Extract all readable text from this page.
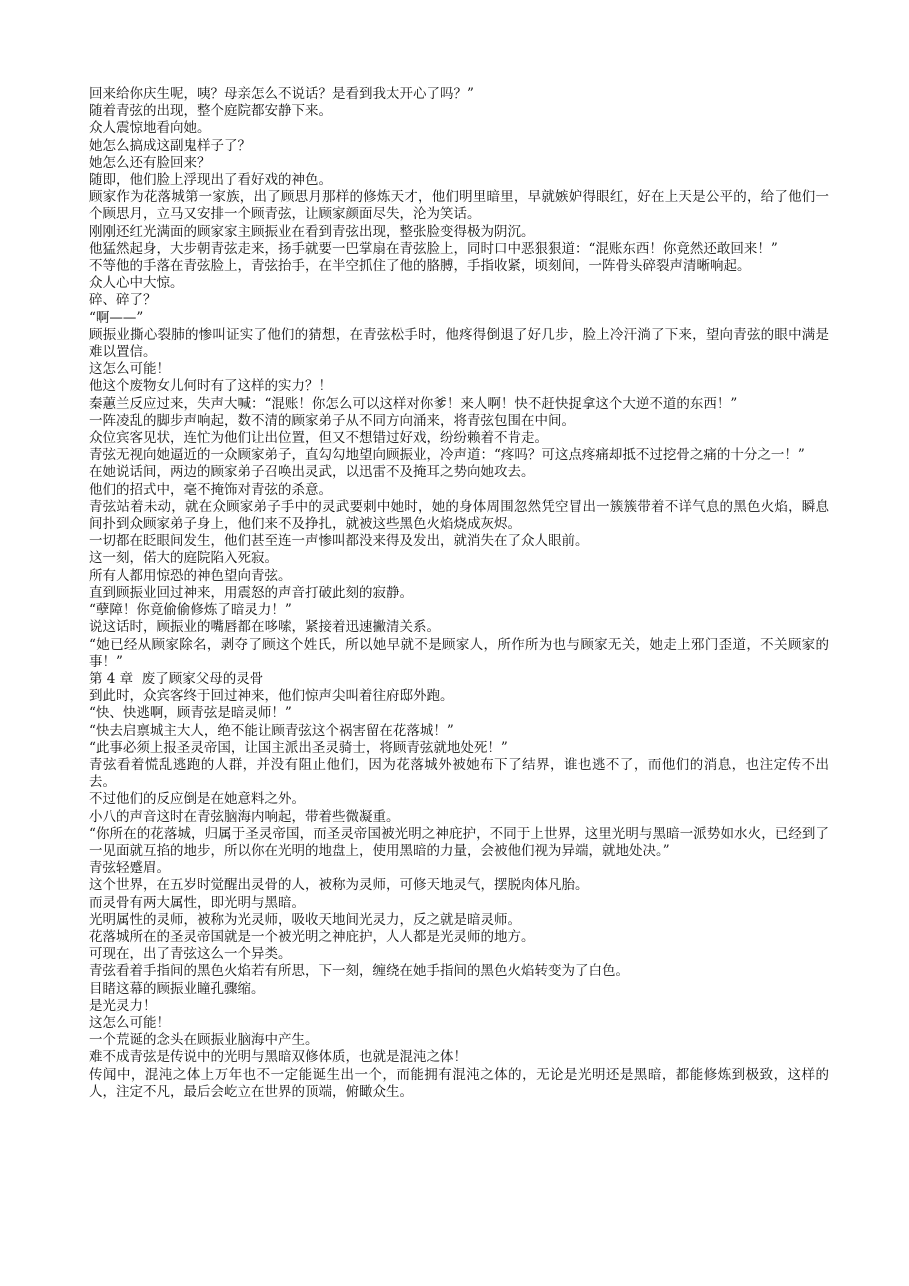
回来给你庆生呢，咦？母亲怎么不说话？是看到我太开心了吗？”

随着青弦的出现，整个庭院都安静下来。

众人震惊地看向她。

她怎么搞成这副鬼样子了？

她怎么还有脸回来？

随即，他们脸上浮现出了看好戏的神色。

顾家作为花落城第一家族，出了顾思月那样的修炼天才，他们明里暗里，早就嫉妒得眼红，好在上天是公平的，给了他们一个顾思月，立马又安排一个顾青弦，让顾家颜面尽失，沦为笑话。

刚刚还红光满面的顾家家主顾振业在看到青弦出现，整张脸变得极为阴沉。

他猛然起身，大步朝青弦走来，扬手就要一巴掌扇在青弦脸上，同时口中恶狠狠道：“混账东西！你竟然还敢回来！”

不等他的手落在青弦脸上，青弦抬手，在半空抓住了他的胳膊，手指收紧，顷刻间，一阵骨头碎裂声清晰响起。

众人心中大惊。

碎、碎了？

“啊——”

顾振业撕心裂肺的惨叫证实了他们的猜想，在青弦松手时，他疼得倒退了好几步，脸上冷汗淌了下来，望向青弦的眼中满是难以置信。

这怎么可能！

他这个废物女儿何时有了这样的实力？！

秦蕙兰反应过来，失声大喊：“混账！你怎么可以这样对你爹！来人啊！快不赶快捉拿这个大逆不道的东西！”

一阵凌乱的脚步声响起，数不清的顾家弟子从不同方向涌来，将青弦包围在中间。

众位宾客见状，连忙为他们让出位置，但又不想错过好戏，纷纷赖着不肯走。

青弦无视向她逼近的一众顾家弟子，直勾勾地望向顾振业，冷声道：“疼吗？可这点疼痛却抵不过挖骨之痛的十分之一！”

在她说话间，两边的顾家弟子召唤出灵武，以迅雷不及掩耳之势向她攻去。

他们的招式中，毫不掩饰对青弦的杀意。

青弦站着未动，就在众顾家弟子手中的灵武要刺中她时，她的身体周围忽然凭空冒出一簇簇带着不详气息的黑色火焰，瞬息间扑到众顾家弟子身上，他们来不及挣扎，就被这些黑色火焰烧成灰烬。

一切都在眨眼间发生，他们甚至连一声惨叫都没来得及发出，就消失在了众人眼前。

这一刻，偌大的庭院陷入死寂。

所有人都用惊恐的神色望向青弦。

直到顾振业回过神来，用震怒的声音打破此刻的寂静。

“孽障！你竟偷偷修炼了暗灵力！”

说这话时，顾振业的嘴唇都在哆嗦，紧接着迅速撇清关系。

“她已经从顾家除名，剥夺了顾这个姓氏，所以她早就不是顾家人，所作所为也与顾家无关，她走上邪门歪道，不关顾家的事！”

第 4 章  废了顾家父母的灵骨

到此时，众宾客终于回过神来，他们惊声尖叫着往府邸外跑。

“快、快逃啊，顾青弦是暗灵师！”

“快去启禀城主大人，绝不能让顾青弦这个祸害留在花落城！”

“此事必须上报圣灵帝国，让国主派出圣灵骑士，将顾青弦就地处死！”

青弦看着慌乱逃跑的人群，并没有阻止他们，因为花落城外被她布下了结界，谁也逃不了，而他们的消息，也注定传不出去。

不过他们的反应倒是在她意料之外。

小八的声音这时在青弦脑海内响起，带着些微凝重。

“你所在的花落城，归属于圣灵帝国，而圣灵帝国被光明之神庇护，不同于上世界，这里光明与黑暗一派势如水火，已经到了一见面就互掐的地步，所以你在光明的地盘上，使用黑暗的力量，会被他们视为异端，就地处决。”

青弦轻蹙眉。

这个世界，在五岁时觉醒出灵骨的人，被称为灵师，可修天地灵气，摆脱肉体凡胎。

而灵骨有两大属性，即光明与黑暗。

光明属性的灵师，被称为光灵师，吸收天地间光灵力，反之就是暗灵师。

花落城所在的圣灵帝国就是一个被光明之神庇护，人人都是光灵师的地方。

可现在，出了青弦这么一个异类。

青弦看着手指间的黑色火焰若有所思，下一刻，缠绕在她手指间的黑色火焰转变为了白色。

目睹这幕的顾振业瞳孔骤缩。

是光灵力！

这怎么可能！

一个荒诞的念头在顾振业脑海中产生。

难不成青弦是传说中的光明与黑暗双修体质，也就是混沌之体！

传闻中，混沌之体上万年也不一定能诞生出一个，而能拥有混沌之体的，无论是光明还是黑暗，都能修炼到极致，这样的人，注定不凡，最后会屹立在世界的顶端，俯瞰众生。
